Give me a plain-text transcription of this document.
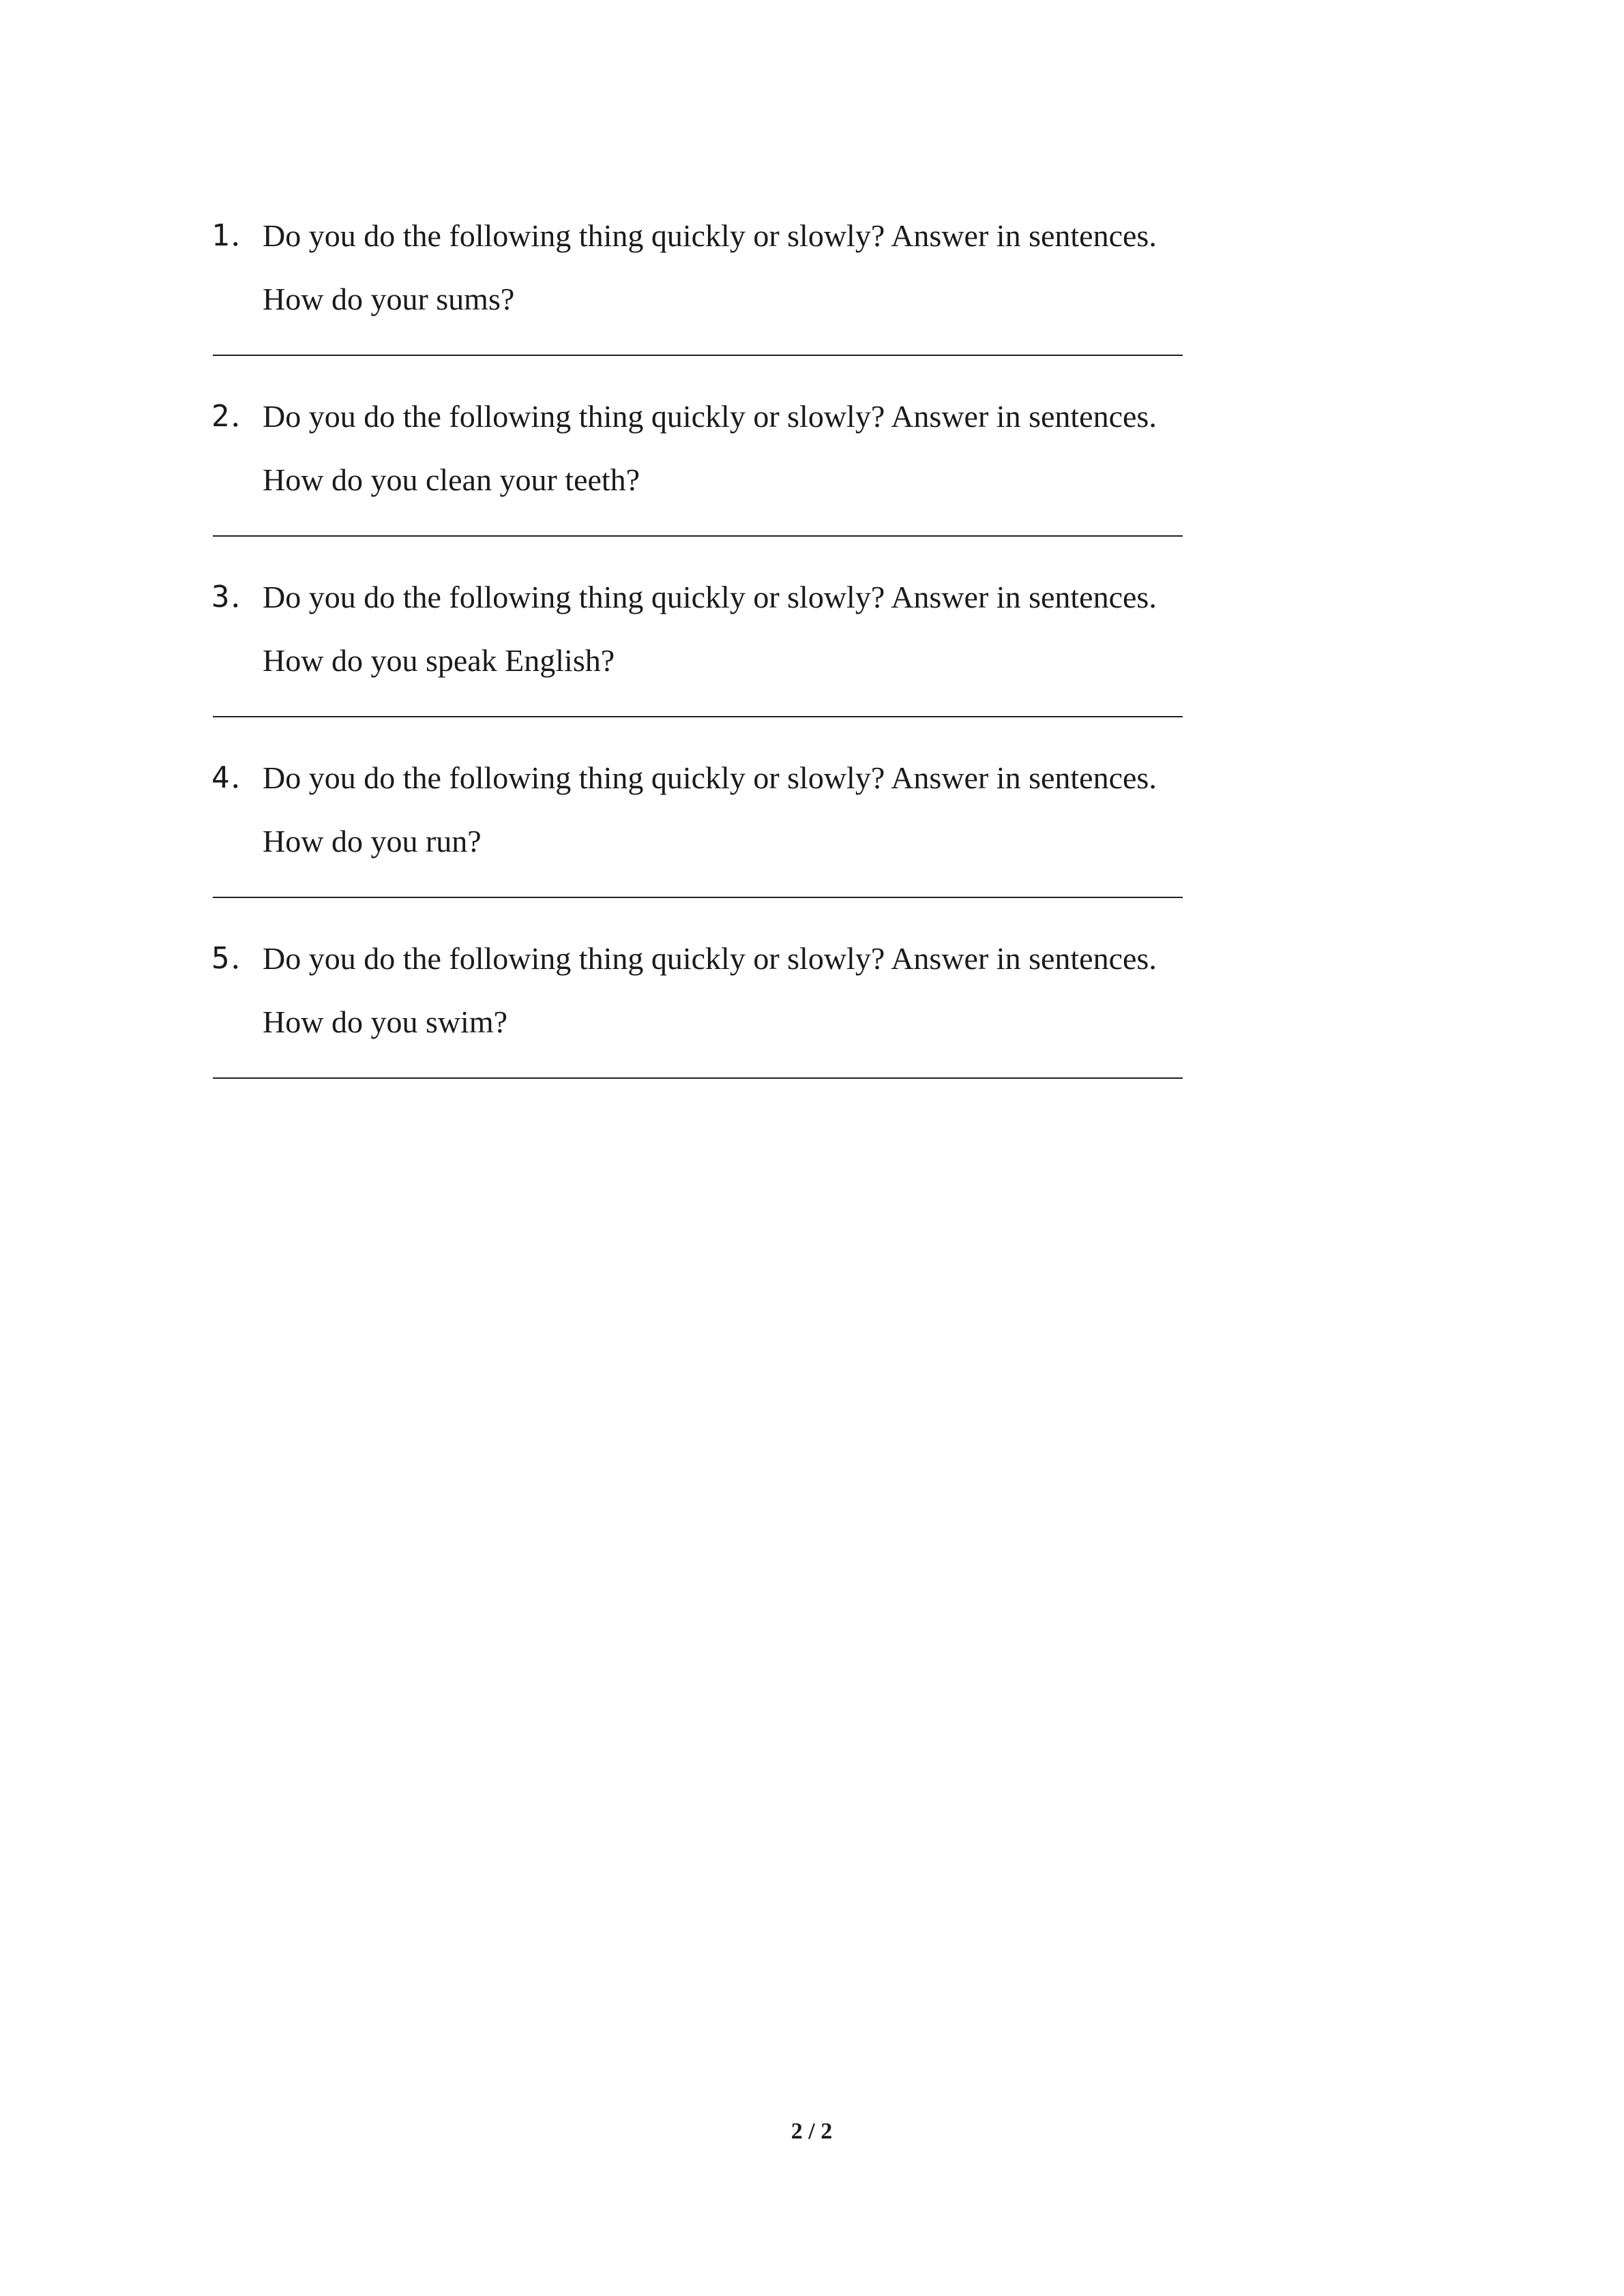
1． Do you do the following thing quickly or slowly? Answer in sentences.
How do your sums?
2． Do you do the following thing quickly or slowly? Answer in sentences.
How do you clean your teeth?
3． Do you do the following thing quickly or slowly? Answer in sentences.
How do you speak English?
4． Do you do the following thing quickly or slowly? Answer in sentences.
How do you run?
5． Do you do the following thing quickly or slowly? Answer in sentences.
How do you swim?
2 / 2
